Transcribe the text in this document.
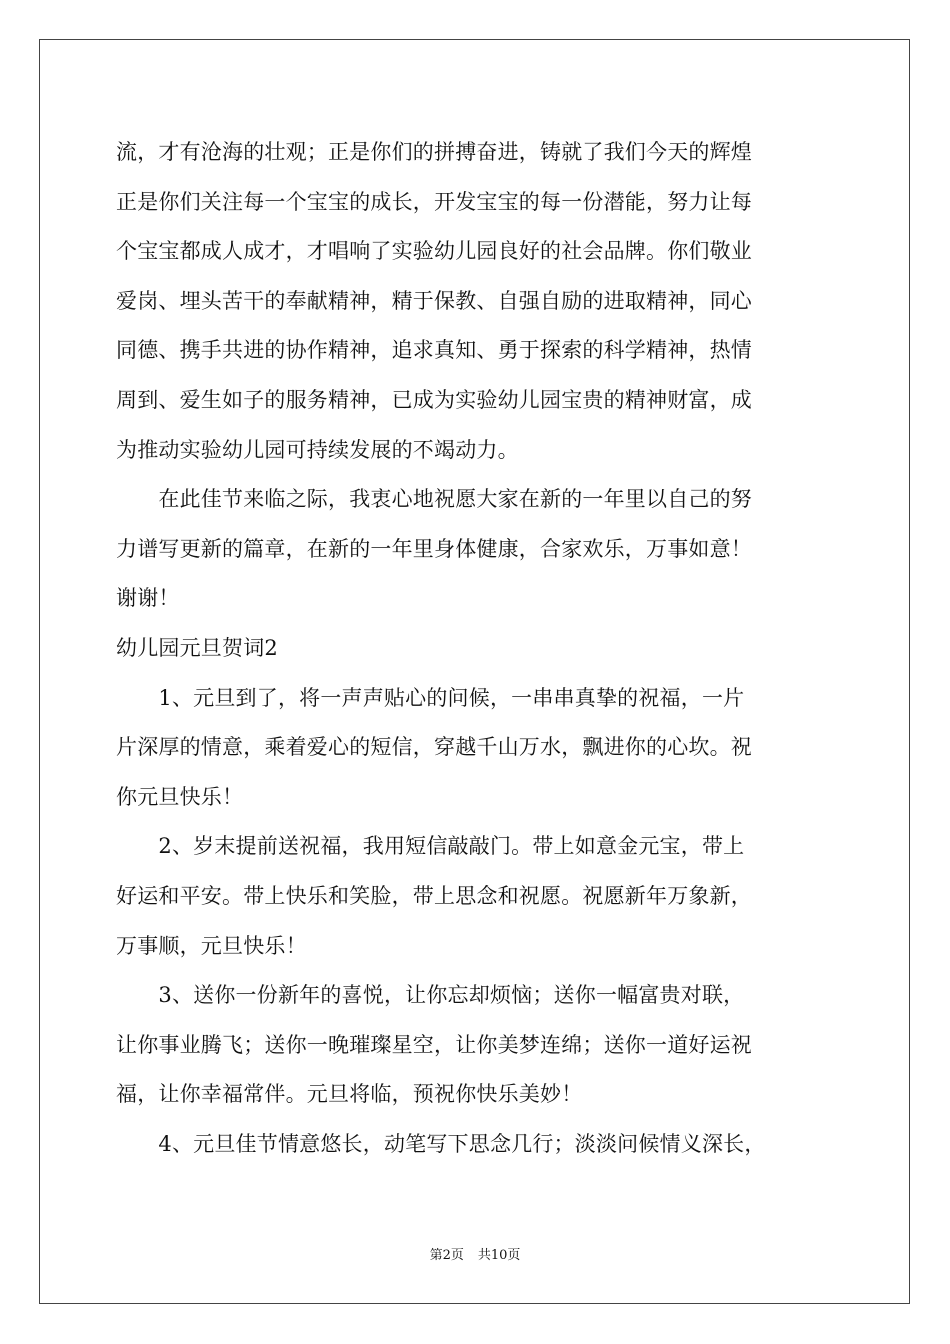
流，才有沧海的壮观；正是你们的拼搏奋进，铸就了我们今天的辉煌
正是你们关注每一个宝宝的成长，开发宝宝的每一份潜能，努力让每
个宝宝都成人成才，才唱响了实验幼儿园良好的社会品牌。你们敬业
爱岗、埋头苦干的奉献精神，精于保教、自强自励的进取精神，同心
同德、携手共进的协作精神，追求真知、勇于探索的科学精神，热情
周到、爱生如子的服务精神，已成为实验幼儿园宝贵的精神财富，成
为推动实验幼儿园可持续发展的不竭动力。
　　在此佳节来临之际，我衷心地祝愿大家在新的一年里以自己的努
力谱写更新的篇章，在新的一年里身体健康，合家欢乐，万事如意！
谢谢！
幼儿园元旦贺词2
　　1、元旦到了，将一声声贴心的问候，一串串真挚的祝福，一片
片深厚的情意，乘着爱心的短信，穿越千山万水，飘进你的心坎。祝
你元旦快乐！
　　2、岁末提前送祝福，我用短信敲敲门。带上如意金元宝，带上
好运和平安。带上快乐和笑脸，带上思念和祝愿。祝愿新年万象新，
万事顺，元旦快乐！
　　3、送你一份新年的喜悦，让你忘却烦恼；送你一幅富贵对联，
让你事业腾飞；送你一晚璀璨星空，让你美梦连绵；送你一道好运祝
福，让你幸福常伴。元旦将临，预祝你快乐美妙！
　　4、元旦佳节情意悠长，动笔写下思念几行；淡淡问候情义深长，
第2页 共10页
